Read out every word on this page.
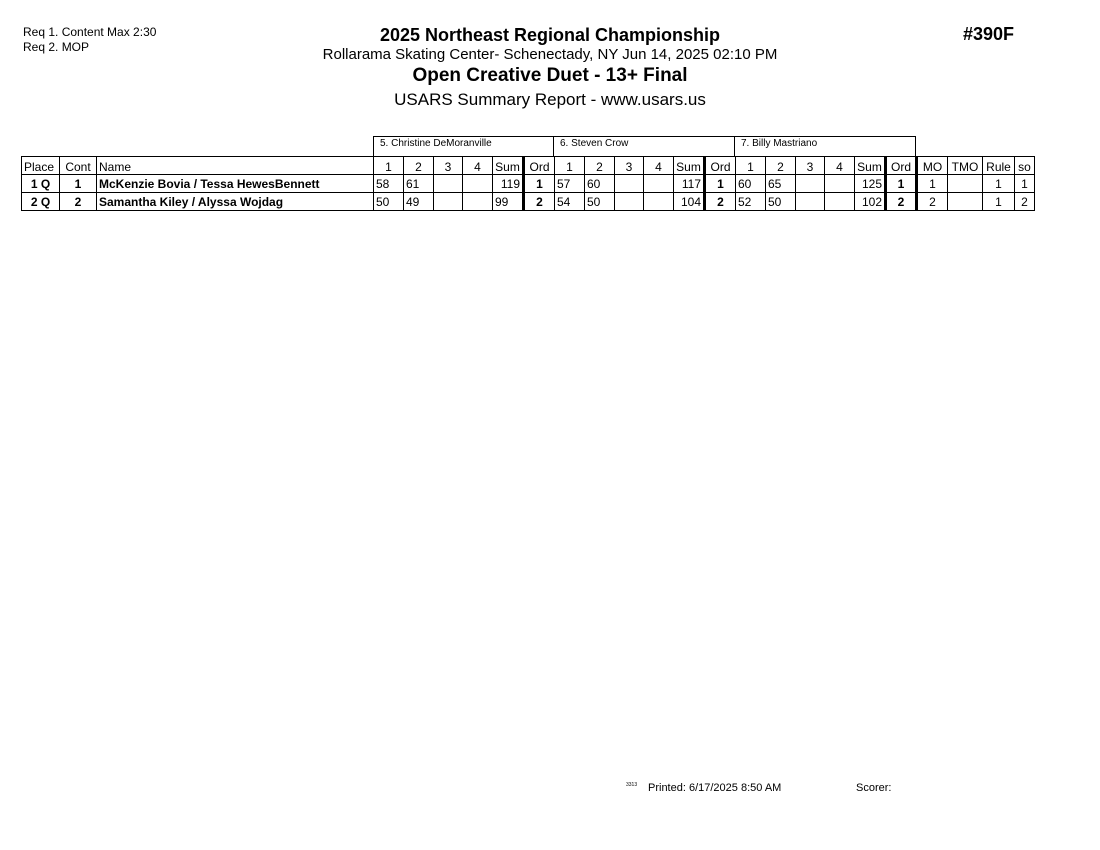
Req 1. Content Max 2:30
Req 2. MOP
2025 Northeast Regional Championship
Rollarama Skating Center- Schenectady, NY Jun 14, 2025 02:10 PM
Open Creative Duet - 13+ Final
USARS Summary Report - www.usars.us
#390F
5. Christine DeMoranville	6. Steven Crow	7. Billy Mastriano
Place	Cont	Name	1	2	3	4	Sum	Ord	1	2	3	4	Sum	Ord	1	2	3	4	Sum	Ord	MO	TMO	Rule	so
1 Q	1	McKenzie Bovia / Tessa HewesBennett	58	61			119	1	57	60			117	1	60	65			125	1	1		1	1
2 Q	2	Samantha Kiley / Alyssa Wojdag	50	49			99	2	54	50			104	2	52	50			102	2	2		1	2
3313 Printed: 6/17/2025 8:50 AM	Scorer:
